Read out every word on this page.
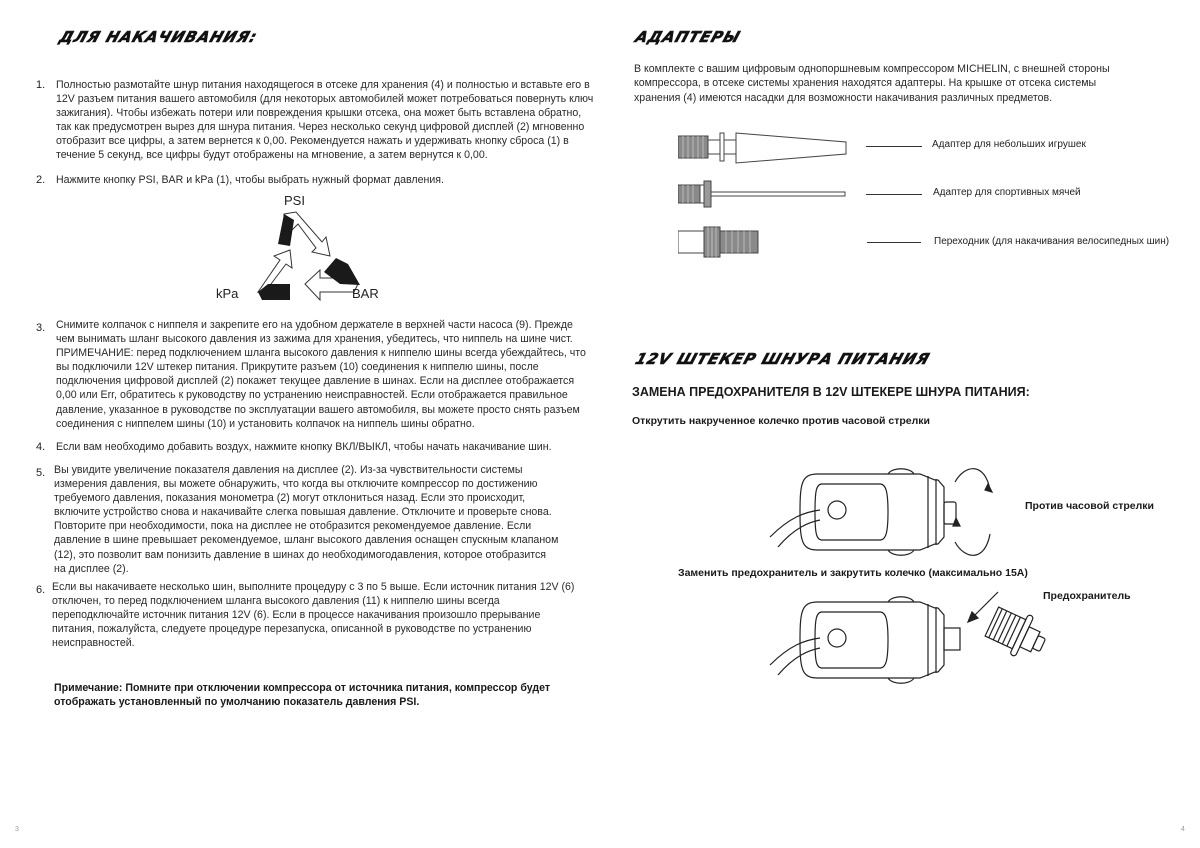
ДЛЯ НАКАЧИВАНИЯ:
1. Полностью размотайте шнур питания находящегося в отсеке для хранения (4) и полностью и вставьте его в
12V разъем питания вашего автомобиля (для некоторых автомобилей может потребоваться повернуть ключ
зажигания). Чтобы избежать потери или повреждения крышки отсека, она может быть вставлена обратно,
так как предусмотрен вырез для шнура питания. Через несколько секунд цифровой дисплей (2) мгновенно
отобразит все цифры, а затем вернется к 0,00. Рекомендуется нажать и удерживать кнопку сброса (1) в
течение 5 секунд, все цифры будут отображены на мгновение, а затем вернутся к 0,00.
2. Нажмите кнопку PSI, BAR и kPa (1), чтобы выбрать нужный формат давления.
PSI
BAR
kPa
3. Снимите колпачок с ниппеля и закрепите его на удобном держателе в верхней части насоса (9). Прежде
чем вынимать шланг высокого давления из зажима для хранения, убедитесь, что ниппель на шине чист.
ПРИМЕЧАНИЕ: перед подключением шланга высокого давления к ниппелю шины всегда убеждайтесь, что
вы подключили 12V штекер питания. Прикрутите разъем (10) соединения к ниппелю шины, после
подключения цифровой дисплей (2) покажет текущее давление в шинах. Если на дисплее отображается
0,00 или Err, обратитесь к руководству по устранению неисправностей. Если отображается правильное
давление, указанное в руководстве по эксплуатации вашего автомобиля, вы можете просто снять разъем
соединения с ниппелем шины (10) и установить колпачок на ниппель шины обратно.
4. Если вам необходимо добавить воздух, нажмите кнопку ВКЛ/ВЫКЛ, чтобы начать накачивание шин.
5. Вы увидите увеличение показателя давления на дисплее (2). Из-за чувствительности системы
измерения давления, вы можете обнаружить, что когда вы отключите компрессор по достижению
требуемого давления, показания монометра (2) могут отклониться назад. Если это происходит,
включите устройство снова и накачивайте слегка повышая давление. Отключите и проверьте снова.
Повторите при необходимости, пока на дисплее не отобразится рекомендуемое давление. Если
давление в шине превышает рекомендуемое, шланг высокого давления оснащен спускным клапаном
(12), это позволит вам понизить давление в шинах до необходимогодавления, которое отобразится
на дисплее (2).
6. Если вы накачиваете несколько шин, выполните процедуру с 3 по 5 выше. Если источник питания 12V (6)
отключен, то перед подключением шланга высокого давления (11) к ниппелю шины всегда
переподключайте источник питания 12V (6). Если в процессе накачивания произошло прерывание
питания, пожалуйста, следуете процедуре перезапуска, описанной в руководстве по устранению
неисправностей.
Примечание: Помните при отключении компрессора от источника питания, компрессор будет
отображать установленный по умолчанию показатель давления PSI.
3
АДАПТЕРЫ
В комплекте с вашим цифровым однопоршневым компрессором MICHELIN, с внешней стороны
компрессора, в отсеке системы хранения находятся адаптеры. На крышке от отсека системы
хранения (4) имеются насадки для возможности накачивания различных предметов.
Адаптер для небольших игрушек
Адаптер для спортивных мячей
Переходник (для накачивания велосипедных шин)
12V ШТЕКЕР ШНУРА ПИТАНИЯ
ЗАМЕНА ПРЕДОХРАНИТЕЛЯ В 12V ШТЕКЕРЕ ШНУРА ПИТАНИЯ:
Открутить накрученное колечко против часовой стрелки
Против часовой стрелки
Заменить предохранитель и закрутить колечко (максимально 15А)
Предохранитель
4
